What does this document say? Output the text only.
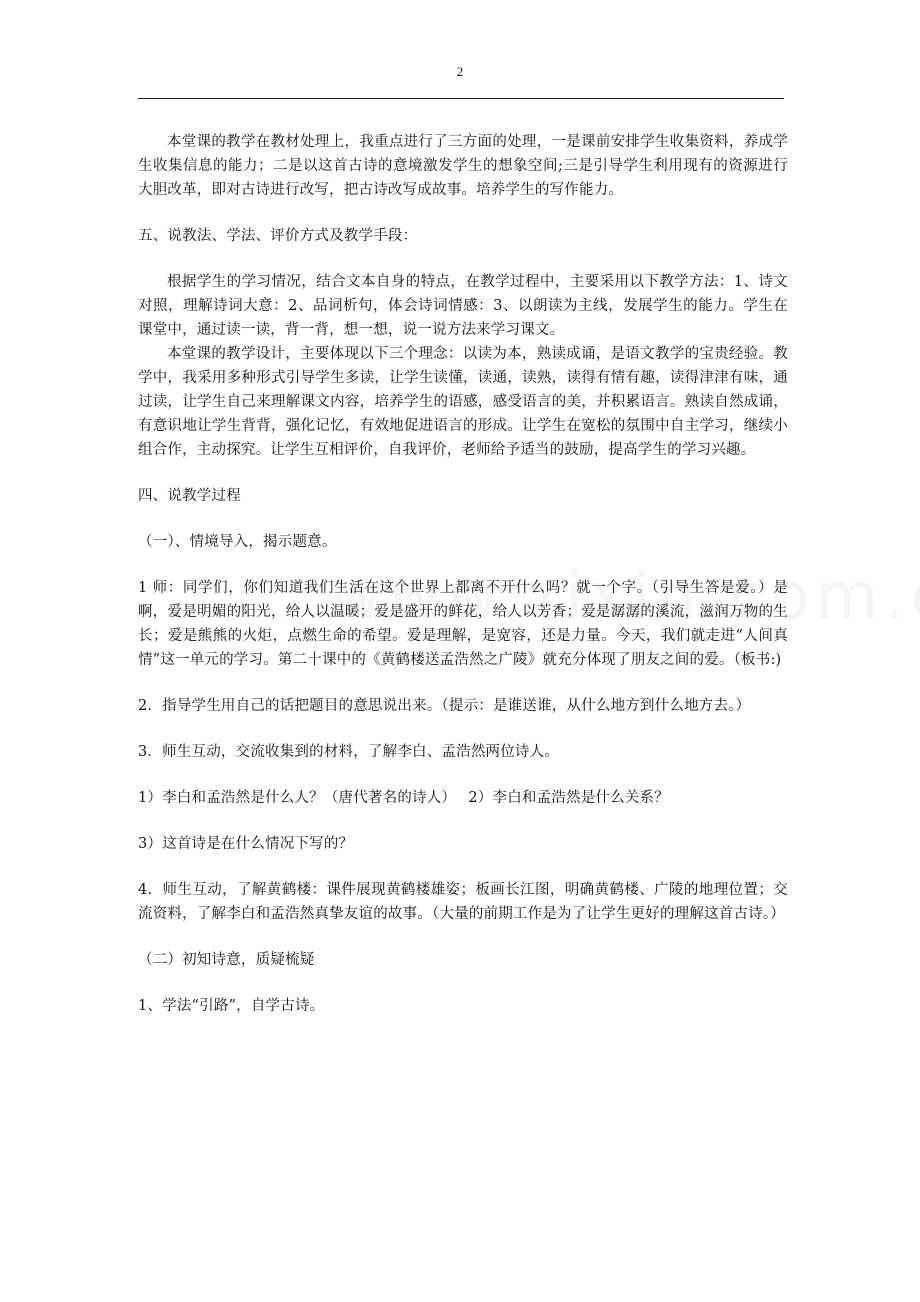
2

本堂课的教学在教材处理上，我重点进行了三方面的处理，一是课前安排学生收集资料，养成学生收集信息的能力；二是以这首古诗的意境激发学生的想象空间;三是引导学生利用现有的资源进行大胆改革，即对古诗进行改写，把古诗改写成故事。培养学生的写作能力。

五、说教法、学法、评价方式及教学手段：

根据学生的学习情况，结合文本自身的特点，在教学过程中，主要采用以下教学方法：1、诗文对照，理解诗词大意：2、品词析句，体会诗词情感：3、以朗读为主线，发展学生的能力。学生在课堂中，通过读一读，背一背，想一想，说一说方法来学习课文。

本堂课的教学设计，主要体现以下三个理念：以读为本，熟读成诵，是语文教学的宝贵经验。教学中，我采用多种形式引导学生多读，让学生读懂，读通，读熟，读得有情有趣，读得津津有味，通过读，让学生自己来理解课文内容，培养学生的语感，感受语言的美，并积累语言。熟读自然成诵，有意识地让学生背背，强化记忆，有效地促进语言的形成。让学生在宽松的氛围中自主学习，继续小组合作，主动探究。让学生互相评价，自我评价，老师给予适当的鼓励，提高学生的学习兴趣。

四、说教学过程

（一）、情境导入，揭示题意。

1 师：同学们，你们知道我们生活在这个世界上都离不开什么吗？就一个字。（引导生答是爱。）是啊，爱是明媚的阳光，给人以温暖；爱是盛开的鲜花，给人以芳香；爱是潺潺的溪流，滋润万物的生长；爱是熊熊的火炬，点燃生命的希望。爱是理解，是宽容，还是力量。今天，我们就走进“人间真情”这一单元的学习。第二十课中的《黄鹤楼送孟浩然之广陵》就充分体现了朋友之间的爱。（板书:)

2．指导学生用自己的话把题目的意思说出来。（提示：是谁送谁，从什么地方到什么地方去。）

3．师生互动，交流收集到的材料，了解李白、孟浩然两位诗人。

1）李白和孟浩然是什么人？（唐代著名的诗人）　 2）李白和孟浩然是什么关系？

3）这首诗是在什么情况下写的？

4．师生互动，了解黄鹤楼：课件展现黄鹤楼雄姿；板画长江图，明确黄鹤楼、广陵的地理位置；交流资料，了解李白和孟浩然真挚友谊的故事。（大量的前期工作是为了让学生更好的理解这首古诗。）

（二）初知诗意，质疑梳疑

1、学法“引路”，自学古诗。
